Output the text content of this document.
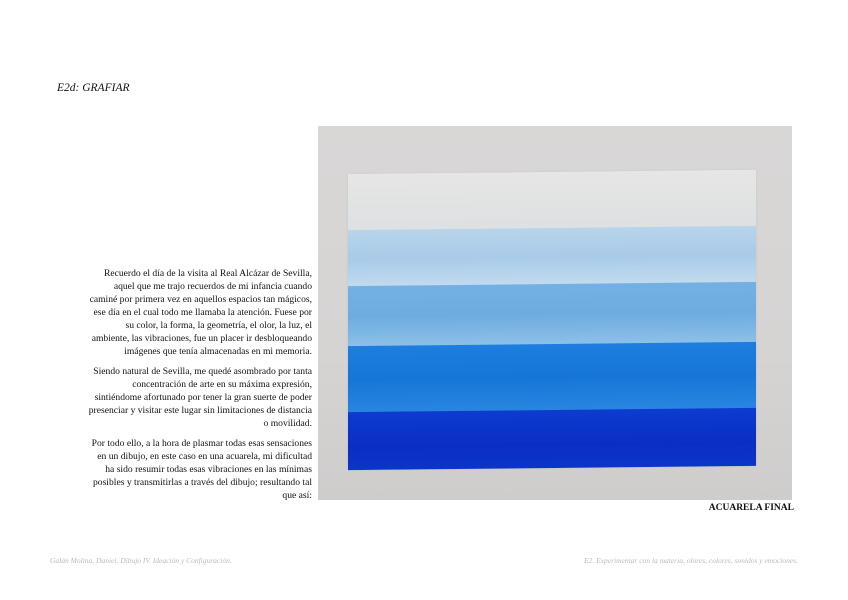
E2d: GRAFIAR

Recuerdo el día de la visita al Real Alcázar de Sevilla, aquel que me trajo recuerdos de mi infancia cuando caminé por primera vez en aquellos espacios tan mágicos, ese día en el cual todo me llamaba la atención. Fuese por su color, la forma, la geometría, el olor, la luz, el ambiente, las vibraciones, fue un placer ir desbloqueando imágenes que tenía almacenadas en mi memoria.

Siendo natural de Sevilla, me quedé asombrado por tanta concentración de arte en su máxima expresión, sintiéndome afortunado por tener la gran suerte de poder presenciar y visitar este lugar sin limitaciones de distancia o movilidad.

Por todo ello, a la hora de plasmar todas esas sensaciones en un dibujo, en este caso en una acuarela, mi dificultad ha sido resumir todas esas vibraciones en las mínimas posibles y transmitirlas a través del dibujo; resultando tal que así:

ACUARELA FINAL

Galán Molina, Daniel. Dibujo IV. Ideación y Configuración.	E2. Experimentar con la materia, olores, colores, sonidos y emociones.
